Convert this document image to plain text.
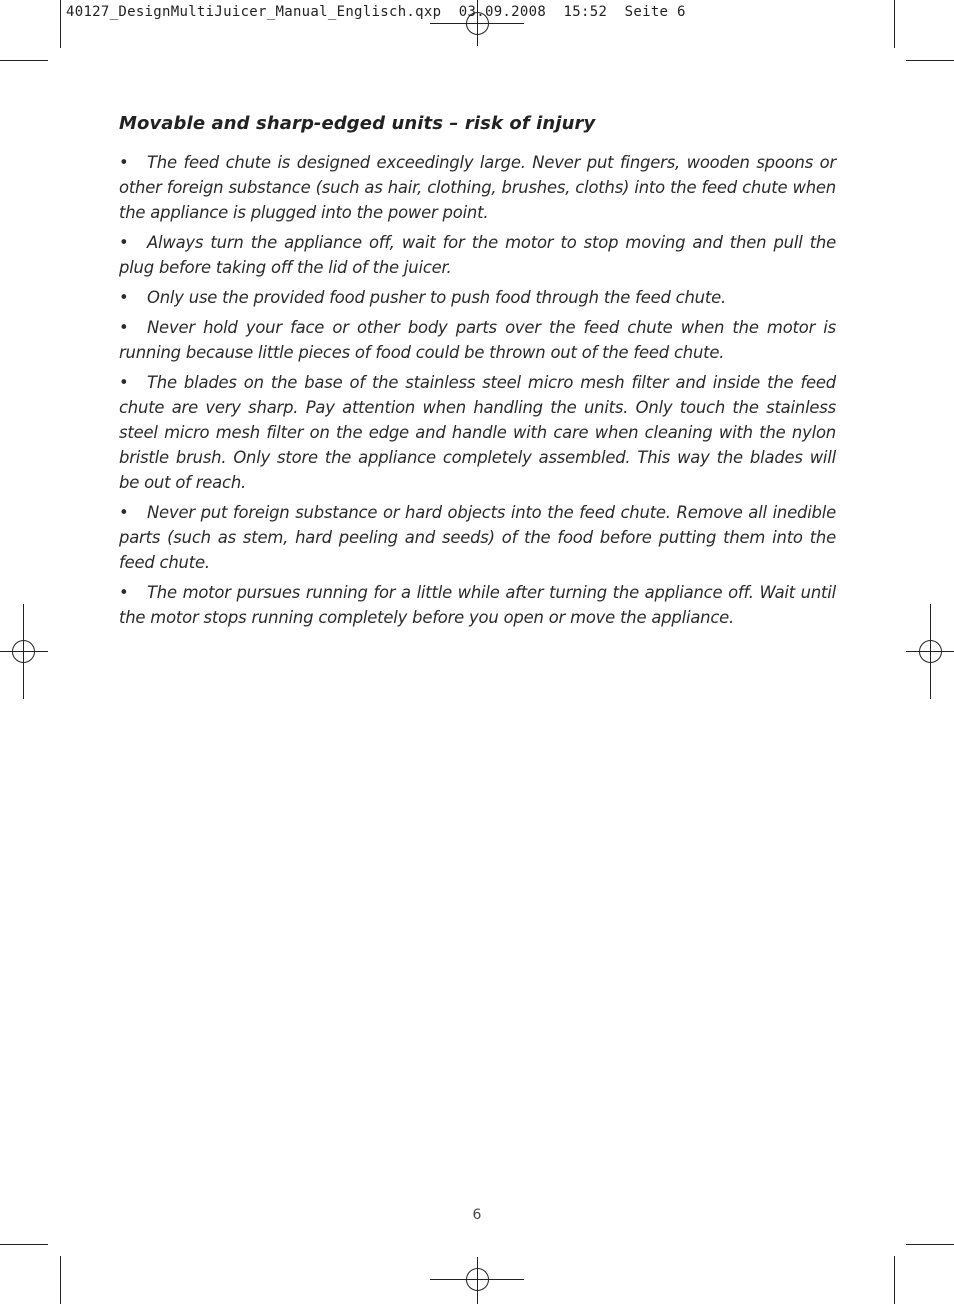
40127_DesignMultiJuicer_Manual_Englisch.qxp  03.09.2008  15:52  Seite 6
Movable and sharp-edged units – risk of injury
• The feed chute is designed exceedingly large. Never put fingers, wooden spoons or other foreign substance (such as hair, clothing, brushes, cloths) into the feed chute when the appliance is plugged into the power point.
• Always turn the appliance off, wait for the motor to stop moving and then pull the plug before taking off the lid of the juicer.
• Only use the provided food pusher to push food through the feed chute.
• Never hold your face or other body parts over the feed chute when the motor is running because little pieces of food could be thrown out of the feed chute.
• The blades on the base of the stainless steel micro mesh filter and inside the feed chute are very sharp. Pay attention when handling the units. Only touch the stainless steel micro mesh filter on the edge and handle with care when cleaning with the nylon bristle brush. Only store the appliance completely assembled. This way the blades will be out of reach.
• Never put foreign substance or hard objects into the feed chute. Remove all inedible parts (such as stem, hard peeling and seeds) of the food before putting them into the feed chute.
• The motor pursues running for a little while after turning the appliance off. Wait until the motor stops running completely before you open or move the appliance.
6
